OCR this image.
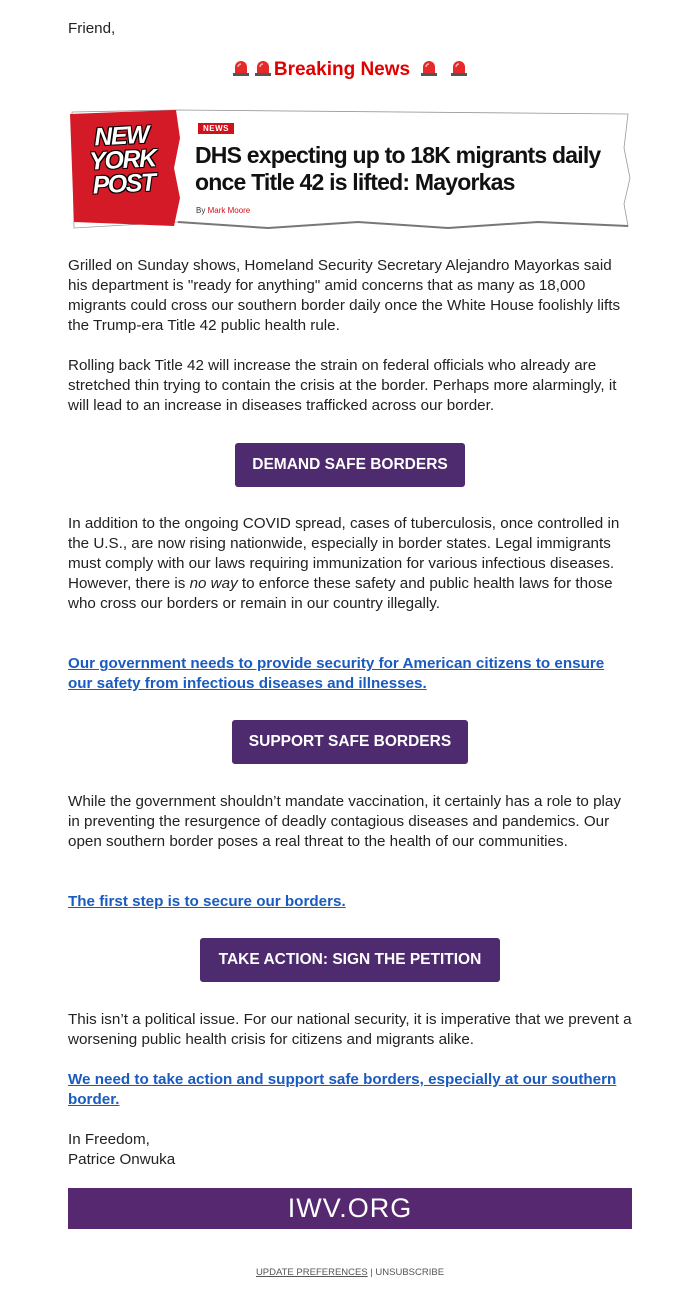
Friend,

Breaking News
NEW
YORK
POST
NEWS
DHS expecting up to 18K migrants daily once Title 42 is lifted: Mayorkas
By Mark Moore

Grilled on Sunday shows, Homeland Security Secretary Alejandro Mayorkas said his department is "ready for anything" amid concerns that as many as 18,000 migrants could cross our southern border daily once the White House foolishly lifts the Trump-era Title 42 public health rule.

Rolling back Title 42 will increase the strain on federal officials who already are stretched thin trying to contain the crisis at the border. Perhaps more alarmingly, it will lead to an increase in diseases trafficked across our border.

DEMAND SAFE BORDERS

In addition to the ongoing COVID spread, cases of tuberculosis, once controlled in the U.S., are now rising nationwide, especially in border states. Legal immigrants must comply with our laws requiring immunization for various infectious diseases. However, there is no way to enforce these safety and public health laws for those who cross our borders or remain in our country illegally.

Our government needs to provide security for American citizens to ensure our safety from infectious diseases and illnesses.
SUPPORT SAFE BORDERS

While the government shouldn’t mandate vaccination, it certainly has a role to play in preventing the resurgence of deadly contagious diseases and pandemics. Our open southern border poses a real threat to the health of our communities.

The first step is to secure our borders.
TAKE ACTION: SIGN THE PETITION

This isn’t a political issue. For our national security, it is imperative that we prevent a worsening public health crisis for citizens and migrants alike.

We need to take action and support safe borders, especially at our southern border.

In Freedom,

Patrice Onwuka

IWV.ORG
UPDATE PREFERENCES | UNSUBSCRIBE
